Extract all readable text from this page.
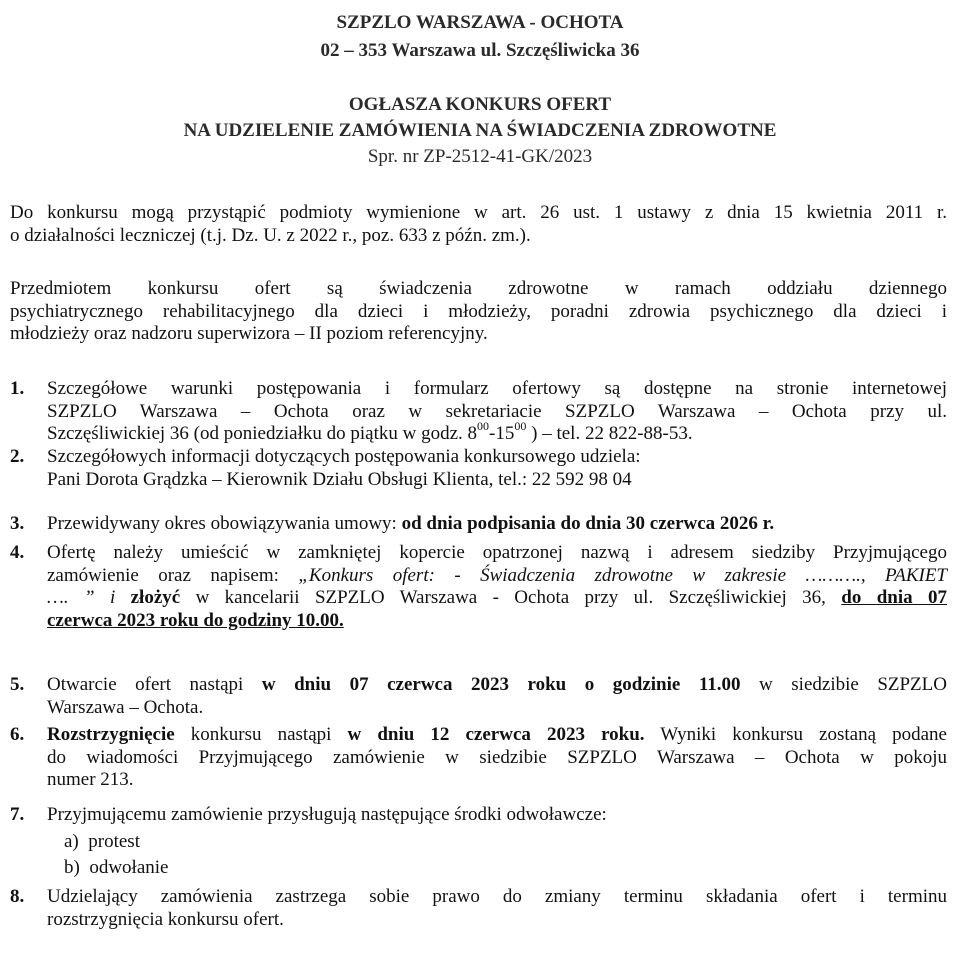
SZPZLO WARSZAWA - OCHOTA
02 – 353 Warszawa ul. Szczęśliwicka 36
OGŁASZA KONKURS OFERT
NA UDZIELENIE ZAMÓWIENIA NA ŚWIADCZENIA ZDROWOTNE
Spr. nr ZP-2512-41-GK/2023
Do konkursu mogą przystąpić podmioty wymienione w art. 26 ust. 1 ustawy z dnia 15 kwietnia 2011 r.
o działalności leczniczej (t.j. Dz. U. z 2022 r., poz. 633 z późn. zm.).
Przedmiotem konkursu ofert są świadczenia zdrowotne w ramach oddziału dziennego
psychiatrycznego rehabilitacyjnego dla dzieci i młodzieży, poradni zdrowia psychicznego dla dzieci i
młodzieży oraz nadzoru superwizora – II poziom referencyjny.
1.	Szczegółowe warunki postępowania i formularz ofertowy są dostępne na stronie internetowej
SZPZLO Warszawa – Ochota oraz w sekretariacie SZPZLO Warszawa – Ochota przy ul.
Szczęśliwickiej 36 (od poniedziałku do piątku w godz. $8^{00}-15^{00}$ ) – tel. 22 822-88-53.
2.	Szczegółowych informacji dotyczących postępowania konkursowego udziela:
Pani Dorota Grądzka – Kierownik Działu Obsługi Klienta, tel.: 22 592 98 04
3.	Przewidywany okres obowiązywania umowy: od dnia podpisania do dnia 30 czerwca 2026 r.
4.	Ofertę należy umieścić w zamkniętej kopercie opatrzonej nazwą i adresem siedziby Przyjmującego
zamówienie oraz napisem: „Konkurs ofert: - Świadczenia zdrowotne w zakresie ………., PAKIET
…. ” i złożyć w kancelarii SZPZLO Warszawa - Ochota przy ul. Szczęśliwickiej 36, do dnia 07
czerwca 2023 roku do godziny 10.00.
5.	Otwarcie ofert nastąpi w dniu 07 czerwca 2023 roku o godzinie 11.00 w siedzibie SZPZLO
Warszawa – Ochota.
6.	Rozstrzygnięcie konkursu nastąpi w dniu 12 czerwca 2023 roku. Wyniki konkursu zostaną podane
do wiadomości Przyjmującego zamówienie w siedzibie SZPZLO Warszawa – Ochota w pokoju
numer 213.
7.	Przyjmującemu zamówienie przysługują następujące środki odwoławcze:
a) protest
b) odwołanie
8.	Udzielający zamówienia zastrzega sobie prawo do zmiany terminu składania ofert i terminu
rozstrzygnięcia konkursu ofert.
